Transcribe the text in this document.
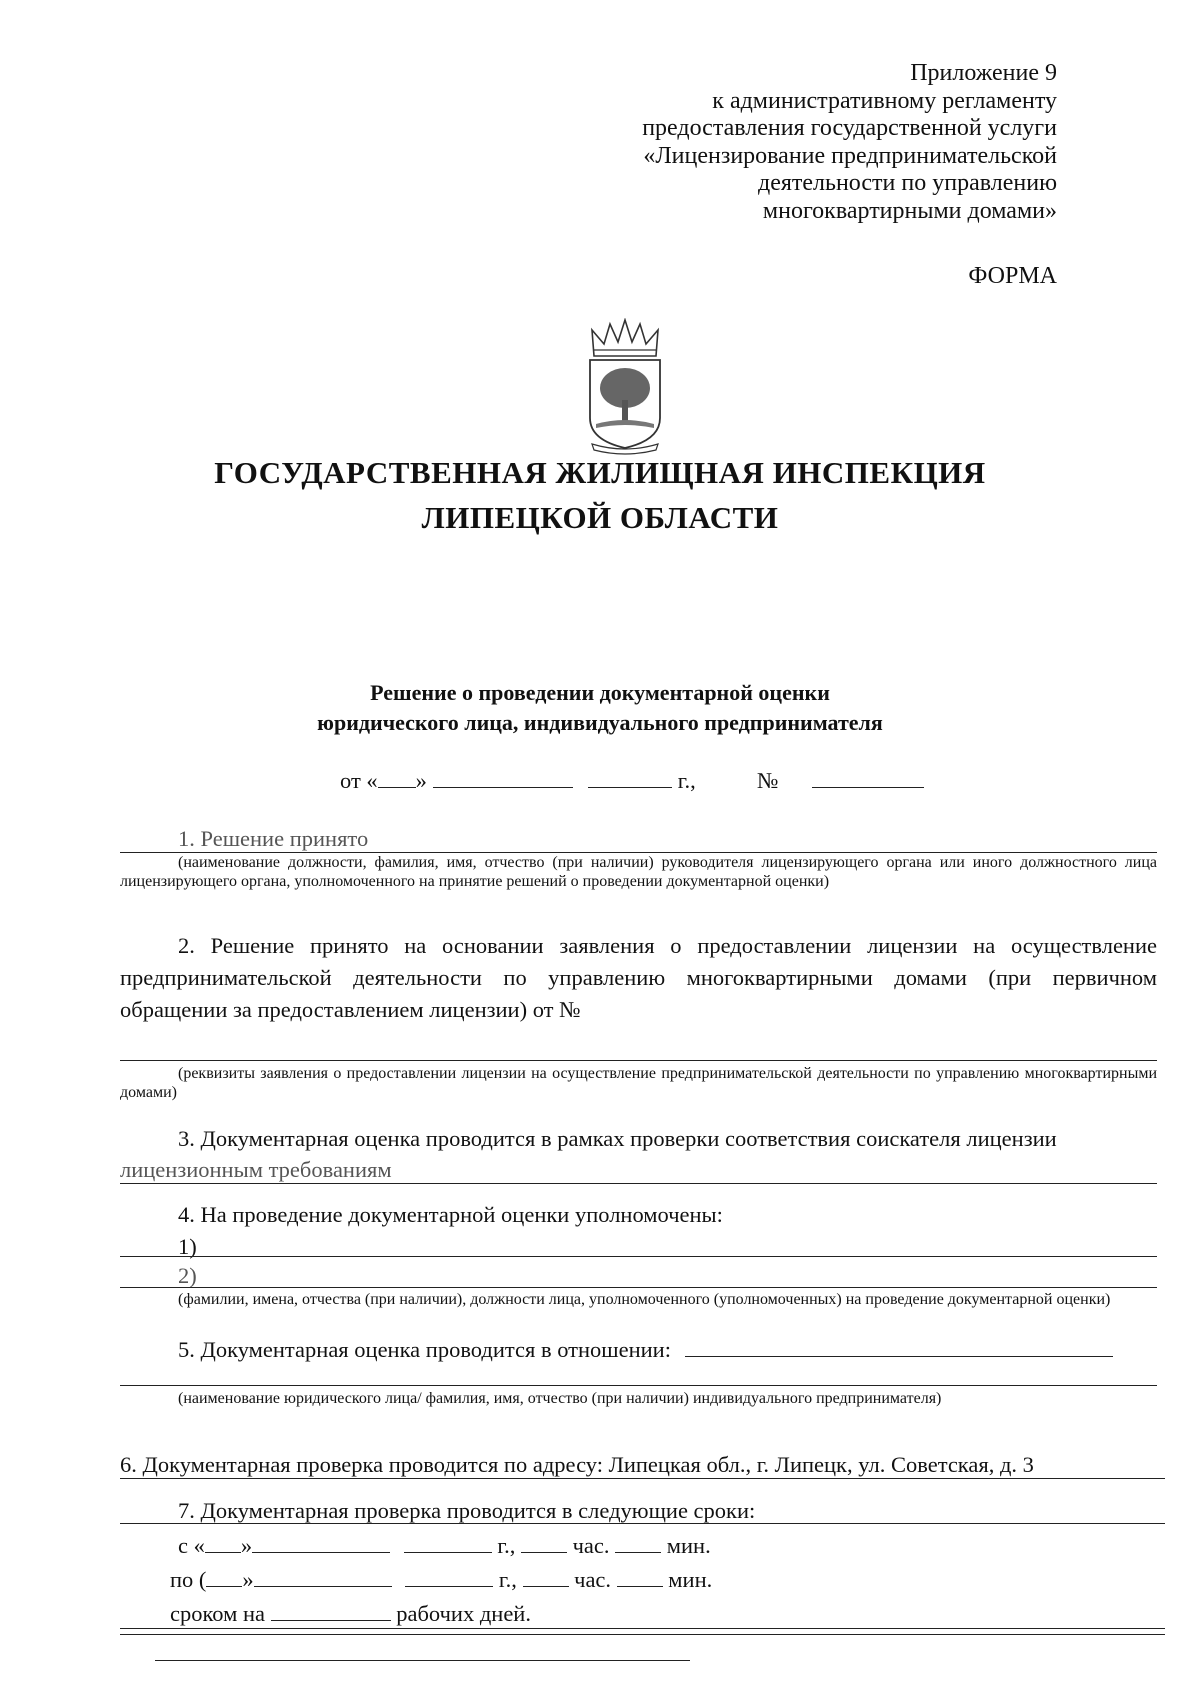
Приложение 9
к административному регламенту
предоставления государственной услуги
«Лицензирование предпринимательской
деятельности по управлению
многоквартирными домами»
ФОРМА
ГОСУДАРСТВЕННАЯ ЖИЛИЩНАЯ ИНСПЕКЦИЯ
ЛИПЕЦКОЙ ОБЛАСТИ
Решение о проведении документарной оценки
юридического лица, индивидуального предпринимателя
от « »	г.,	№
1. Решение принято
(наименование должности, фамилия, имя, отчество (при наличии) руководителя лицензирующего органа или иного должностного лица лицензирующего органа, уполномоченного на принятие решений о проведении документарной оценки)
2. Решение принято на основании заявления о предоставлении лицензии на осуществление предпринимательской деятельности по управлению многоквартирными домами (при первичном обращении за предоставлением лицензии) от №
(реквизиты заявления о предоставлении лицензии на осуществление предпринимательской деятельности по управлению многоквартирными домами)
3. Документарная оценка проводится в рамках проверки соответствия соискателя лицензии
лицензионным требованиям
4. На проведение документарной оценки уполномочены:
1)
2)
(фамилии, имена, отчества (при наличии), должности лица, уполномоченного (уполномоченных) на проведение документарной оценки)
5. Документарная оценка проводится в отношении:
(наименование юридического лица/ фамилия, имя, отчество (при наличии) индивидуального предпринимателя)
6. Документарная проверка проводится по адресу: Липецкая обл., г. Липецк, ул. Советская, д. 3
7. Документарная проверка проводится в следующие сроки:
с « »	г.,	час.	мин.
по ( »	г.,	час.	мин.
сроком на	рабочих дней.
